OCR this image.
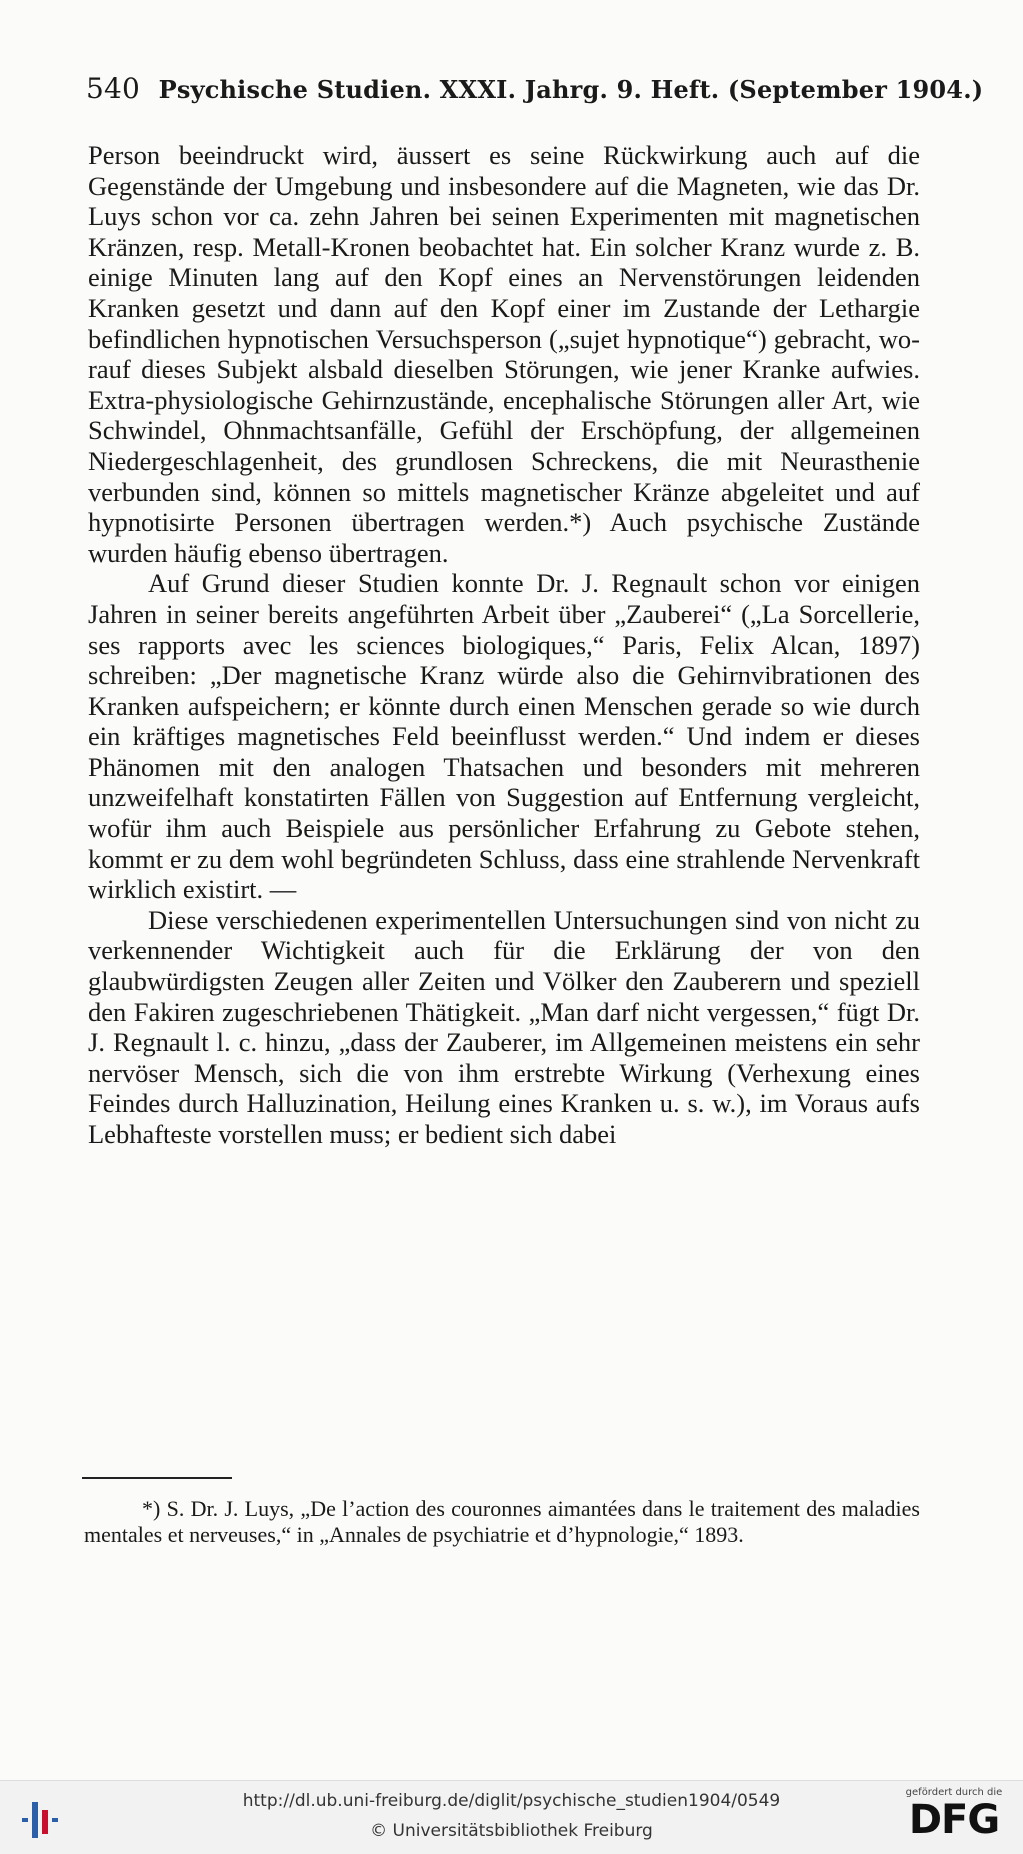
540 Psychische Studien. XXXI. Jahrg. 9. Heft. (September 1904.)

Person beeindruckt wird, äussert es seine Rückwirkung auch auf die Gegenstände der Umgebung und insbesondere auf die Magneten, wie das Dr. Luys schon vor ca. zehn Jahren bei seinen Experimenten mit magnetischen Kränzen, resp. Metall-Kronen beobachtet hat. Ein solcher Kranz wurde z. B. einige Minuten lang auf den Kopf eines an Nervenstörungen leidenden Kranken gesetzt und dann auf den Kopf einer im Zustande der Lethargie befindlichen hypnotischen Versuchsperson („sujet hypnotique“) gebracht, worauf dieses Subjekt alsbald dieselben Störungen, wie jener Kranke aufwies. Extra-physiologische Gehirnzustände, encephalische Störungen aller Art, wie Schwindel, Ohnmachtsanfälle, Gefühl der Erschöpfung, der allgemeinen Niedergeschlagenheit, des grundlosen Schreckens, die mit Neurasthenie verbunden sind, können so mittels magnetischer Kränze abgeleitet und auf hypnotisirte Personen übertragen werden.*) Auch psychische Zustände wurden häufig ebenso übertragen.

Auf Grund dieser Studien konnte Dr. J. Regnault schon vor einigen Jahren in seiner bereits angeführten Arbeit über „Zauberei“ („La Sorcellerie, ses rapports avec les sciences biologiques,“ Paris, Felix Alcan, 1897) schreiben: „Der magnetische Kranz würde also die Gehirnvibrationen des Kranken aufspeichern; er könnte durch einen Menschen gerade so wie durch ein kräftiges magnetisches Feld beeinflusst werden.“ Und indem er dieses Phänomen mit den analogen Thatsachen und besonders mit mehreren unzweifelhaft konstatirten Fällen von Suggestion auf Entfernung vergleicht, wofür ihm auch Beispiele aus persönlicher Erfahrung zu Gebote stehen, kommt er zu dem wohl begründeten Schluss, dass eine strahlende Nervenkraft wirklich existirt. —

Diese verschiedenen experimentellen Untersuchungen sind von nicht zu verkennender Wichtigkeit auch für die Erklärung der von den glaubwürdigsten Zeugen aller Zeiten und Völker den Zauberern und speziell den Fakiren zugeschriebenen Thätigkeit. „Man darf nicht vergessen,“ fügt Dr. J. Regnault l. c. hinzu, „dass der Zauberer, im Allgemeinen meistens ein sehr nervöser Mensch, sich die von ihm erstrebte Wirkung (Verhexung eines Feindes durch Halluzination, Heilung eines Kranken u. s. w.), im Voraus aufs Lebhafteste vorstellen muss; er bedient sich dabei

*) S. Dr. J. Luys, „De l’action des couronnes aimantées dans le traitement des maladies mentales et nerveuses,“ in „Annales de psychiatrie et d’hypnologie,“ 1893.
http://dl.ub.uni-freiburg.de/diglit/psychische_studien1904/0549
© Universitätsbibliothek Freiburg
gefördert durch die
DFG
